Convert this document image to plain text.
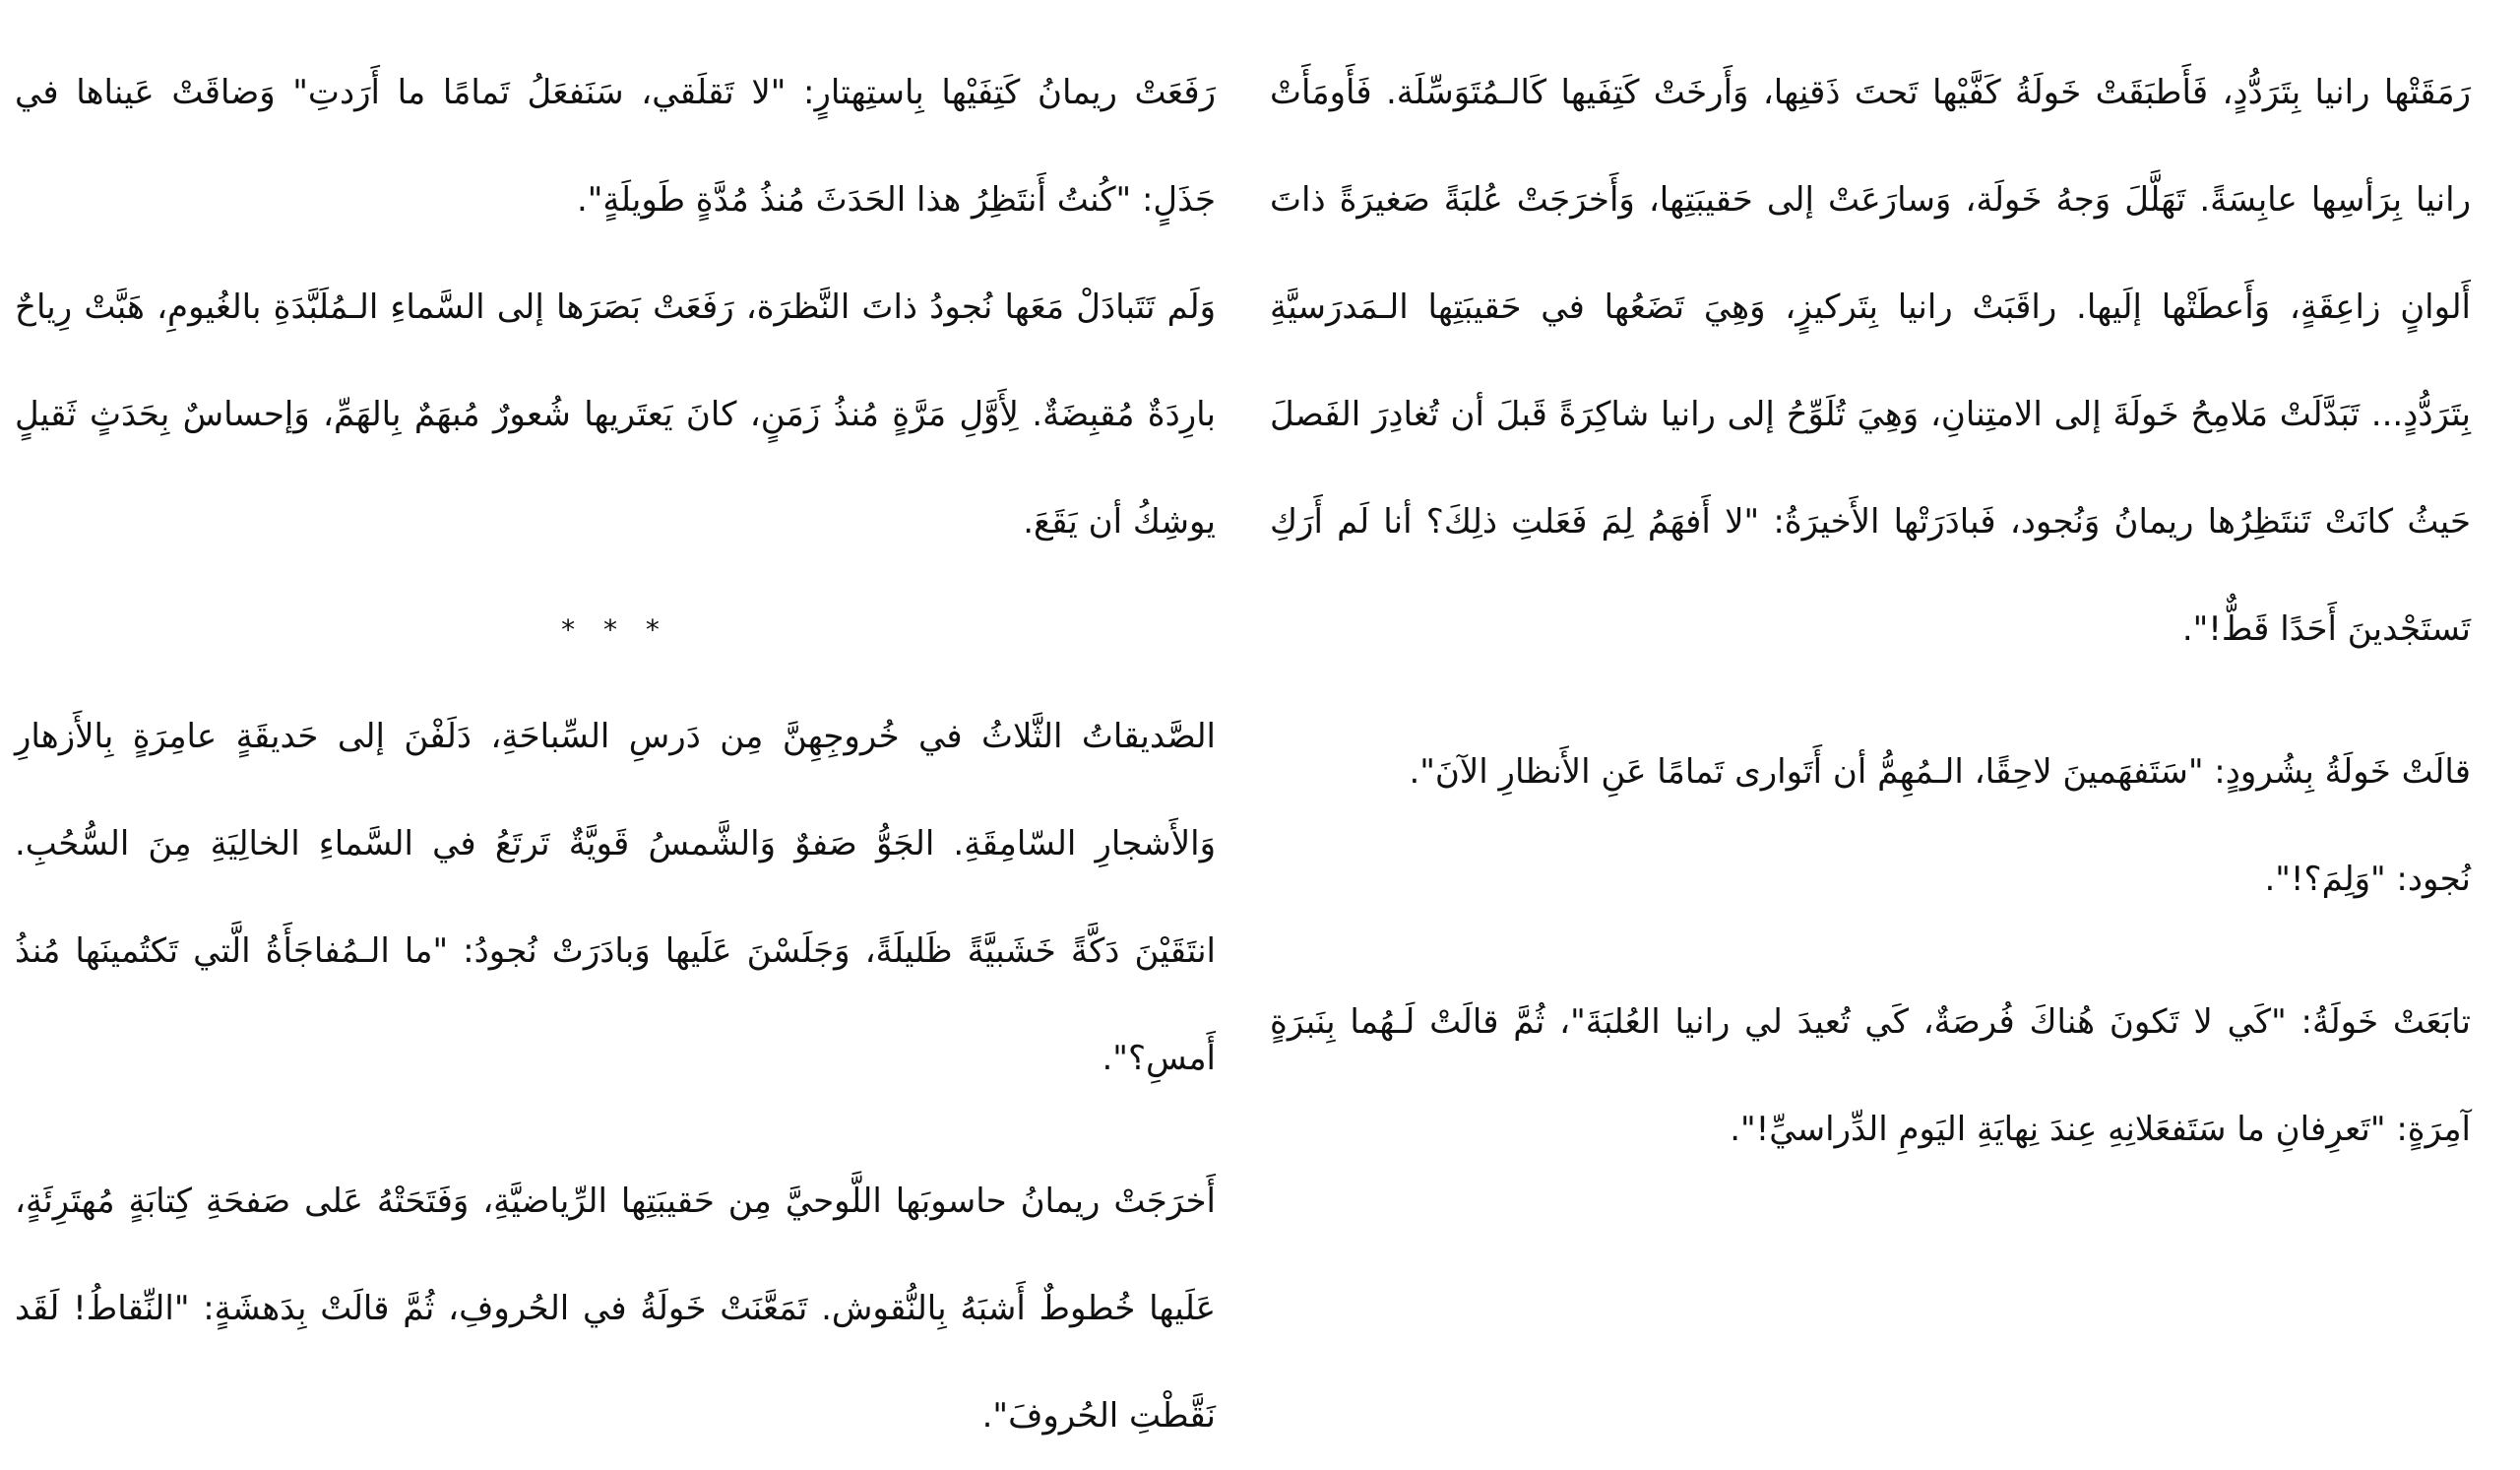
رَمَقَتْها رانيا بِتَرَدُّدٍ، فَأَطبَقَتْ خَولَةُ كَفَّيْها تَحتَ ذَقنِها، وَأَرخَتْ كَتِفَيها كَالـمُتَوَسِّلَة. فَأَومَأَتْ رانيا بِرَأسِها عابِسَةً. تَهَلَّلَ وَجهُ خَولَة، وَسارَعَتْ إلى حَقيبَتِها، وَأَخرَجَتْ عُلبَةً صَغيرَةً ذاتَ أَلوانٍ زاعِقَةٍ، وَأَعطَتْها إلَيها. راقَبَتْ رانيا بِتَركيزٍ، وَهِيَ تَضَعُها في حَقيبَتِها الـمَدرَسيَّةِ بِتَرَدُّدٍ... تَبَدَّلَتْ مَلامِحُ خَولَةَ إلى الامتِنانِ، وَهِيَ تُلَوِّحُ إلى رانيا شاكِرَةً قَبلَ أن تُغادِرَ الفَصلَ حَيثُ كانَتْ تَنتَظِرُها ريمانُ وَنُجود، فَبادَرَتْها الأَخيرَةُ: "لا أَفهَمُ لِمَ فَعَلتِ ذلِكَ؟ أنا لَم أَرَكِ تَستَجْدينَ أَحَدًا قَطٌّ!".

قالَتْ خَولَةُ بِشُرودٍ: "سَتَفهَمينَ لاحِقًا، الـمُهِمُّ أن أَتَوارى تَمامًا عَنِ الأَنظارِ الآنَ".

نُجود: "وَلِمَ؟!".

تابَعَتْ خَولَةُ: "كَي لا تَكونَ هُناكَ فُرصَةٌ، كَي تُعيدَ لي رانيا العُلبَةَ"، ثُمَّ قالَتْ لَـهُما بِنَبرَةٍ آمِرَةٍ: "تَعرِفانِ ما سَتَفعَلانِهِ عِندَ نِهايَةِ اليَومِ الدِّراسيِّ!".

رَفَعَتْ ريمانُ كَتِفَيْها بِاستِهتارٍ: "لا تَقلَقي، سَنَفعَلُ تَمامًا ما أَرَدتِ" وَضاقَتْ عَيناها في جَذَلٍ: "كُنتُ أَنتَظِرُ هذا الحَدَثَ مُنذُ مُدَّةٍ طَويلَةٍ".

وَلَم تَتَبادَلْ مَعَها نُجودُ ذاتَ النَّظرَة، رَفَعَتْ بَصَرَها إلى السَّماءِ الـمُلَبَّدَةِ بالغُيومِ، هَبَّتْ رِياحٌ بارِدَةٌ مُقبِضَةٌ. لِأَوَّلِ مَرَّةٍ مُنذُ زَمَنٍ، كانَ يَعتَريها شُعورٌ مُبهَمٌ بِالهَمِّ، وَإحساسٌ بِحَدَثٍ ثَقيلٍ يوشِكُ أن يَقَعَ.

* * *

الصَّديقاتُ الثَّلاثُ في خُروجِهِنَّ مِن دَرسِ السِّباحَةِ، دَلَفْنَ إلى حَديقَةٍ عامِرَةٍ بِالأَزهارِ وَالأَشجارِ السّامِقَةِ. الجَوُّ صَفوٌ وَالشَّمسُ قَويَّةٌ تَرتَعُ في السَّماءِ الخالِيَةِ مِنَ السُّحُبِ. انتَقَيْنَ دَكَّةً خَشَبيَّةً ظَليلَةً، وَجَلَسْنَ عَلَيها وَبادَرَتْ نُجودُ: "ما الـمُفاجَأَةُ الَّتي تَكتُمينَها مُنذُ أَمسِ؟".

أَخرَجَتْ ريمانُ حاسوبَها اللَّوحيَّ مِن حَقيبَتِها الرِّياضيَّةِ، وَفَتَحَتْهُ عَلى صَفحَةِ كِتابَةٍ مُهتَرِئَةٍ، عَلَيها خُطوطٌ أَشبَهُ بِالنُّقوش. تَمَعَّنَتْ خَولَةُ في الحُروفِ، ثُمَّ قالَتْ بِدَهشَةٍ: "النِّقاطُ! لَقَد نَقَّطْتِ الحُروفَ".
